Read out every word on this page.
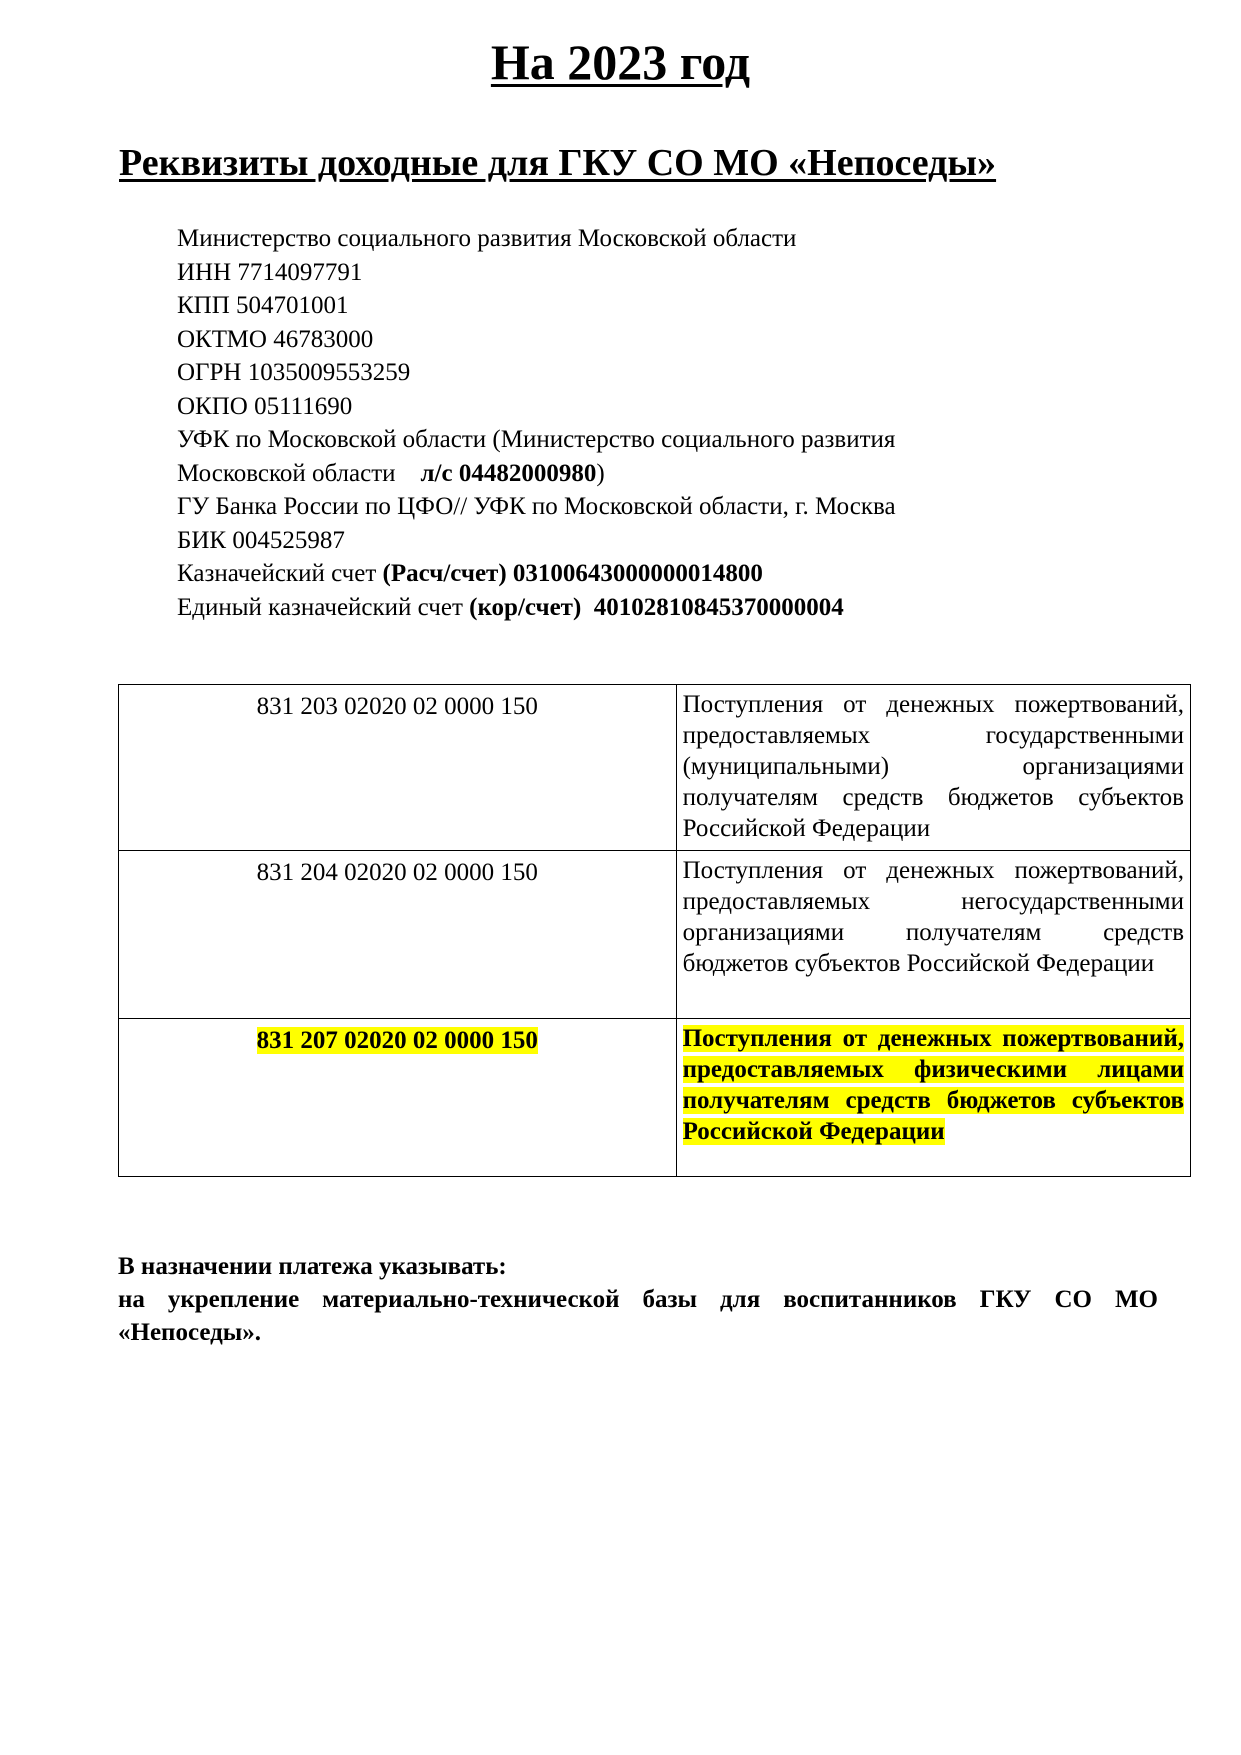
На 2023 год
Реквизиты доходные для ГКУ СО МО «Непоседы»
Министерство социального развития Московской области
ИНН 7714097791
КПП 504701001
ОКТМО 46783000
ОГРН 1035009553259
ОКПО 05111690
УФК по Московской области (Министерство социального развития
Московской области    л/с 04482000980)
ГУ Банка России по ЦФО// УФК по Московской области, г. Москва
БИК 004525987
Казначейский счет (Расч/счет) 03100643000000014800
Единый казначейский счет (кор/счет)  40102810845370000004
831 203 02020 02 0000 150	Поступления от денежных пожертвований, предоставляемых государственными (муниципальными) организациями получателям средств бюджетов субъектов Российской Федерации
831 204 02020 02 0000 150	Поступления от денежных пожертвований, предоставляемых негосударственными организациями получателям средств бюджетов субъектов Российской Федерации
831 207 02020 02 0000 150	Поступления от денежных пожертвований, предоставляемых физическими лицами получателям средств бюджетов субъектов Российской Федерации
В назначении платежа указывать:
на укрепление материально-технической базы для воспитанников ГКУ СО МО «Непоседы».
